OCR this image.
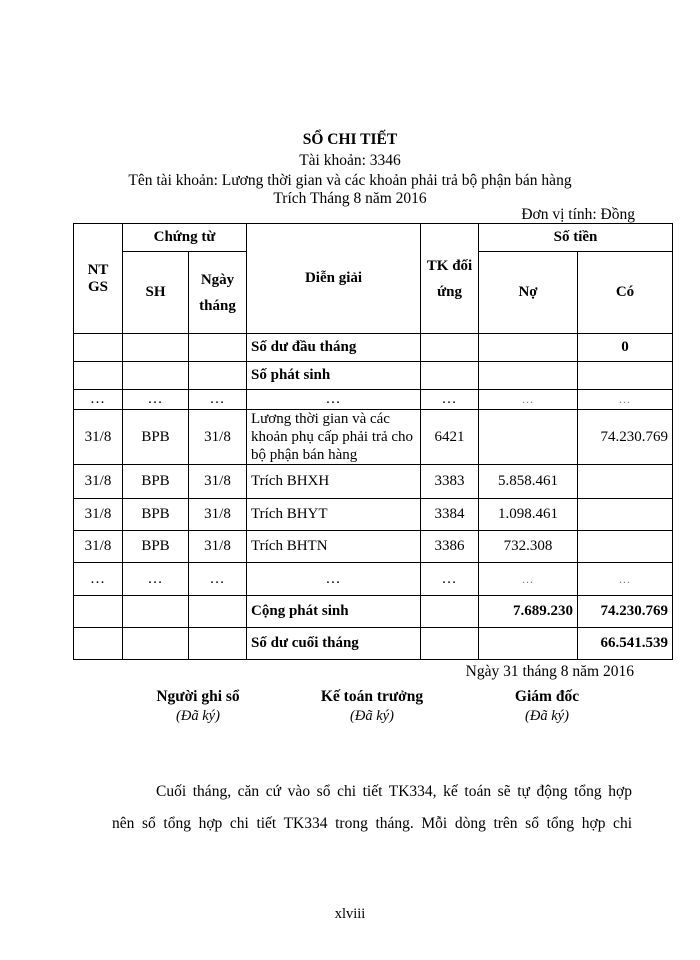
SỔ CHI TIẾT
Tài khoản: 3346
Tên tài khoản: Lương thời gian và các khoản phải trả bộ phận bán hàng
Trích Tháng 8 năm 2016
Đơn vị tính: Đồng
NT GS	Chứng từ		Diễn giải	TK đối ứng	Số tiền	
	SH	Ngày tháng			Nợ	Có
			Số dư đầu tháng			0
			Số phát sinh			
…	…	…	…	…	…	…
31/8	BPB	31/8	Lương thời gian và các khoản phụ cấp phải trả cho bộ phận bán hàng	6421		74.230.769
31/8	BPB	31/8	Trích BHXH	3383	5.858.461	
31/8	BPB	31/8	Trích BHYT	3384	1.098.461	
31/8	BPB	31/8	Trích BHTN	3386	732.308	
…	…	…	…	…	…	…
			Cộng phát sinh		7.689.230	74.230.769
			Số dư cuối tháng			66.541.539
Ngày 31 tháng 8 năm 2016
Người ghi sổ
(Đã ký)
Kế toán trưởng
(Đã ký)
Giám đốc
(Đã ký)
Cuối tháng, căn cứ vào sổ chi tiết TK334, kế toán sẽ tự động tổng hợp
nên sổ tổng hợp chi tiết TK334 trong tháng. Mỗi dòng trên sổ tổng hợp chi
xlviii
